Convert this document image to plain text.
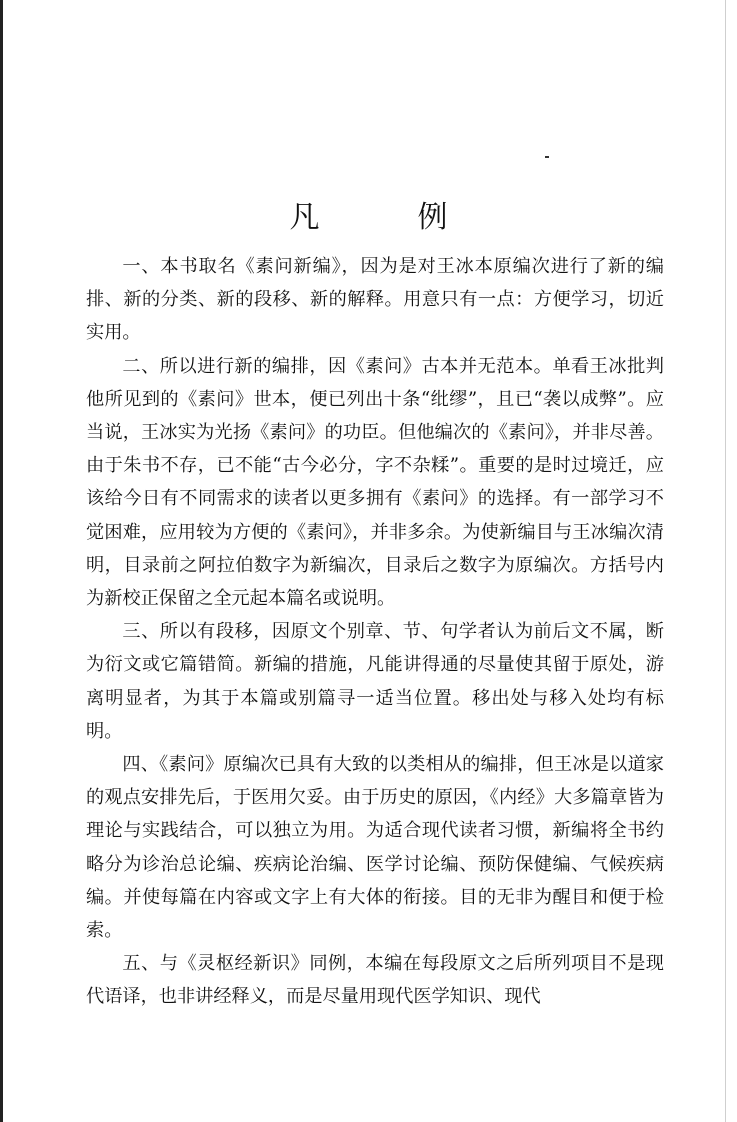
凡　例

一、本书取名《素问新编》，因为是对王冰本原编次进行了新的编排、新的分类、新的段移、新的解释。用意只有一点：方便学习，切近实用。

二、所以进行新的编排，因《素问》古本并无范本。单看王冰批判他所见到的《素问》世本，便已列出十条“纰缪”，且已“袭以成弊”。应当说，王冰实为光扬《素问》的功臣。但他编次的《素问》，并非尽善。由于朱书不存，已不能“古今必分，字不杂糅”。重要的是时过境迁，应该给今日有不同需求的读者以更多拥有《素问》的选择。有一部学习不觉困难，应用较为方便的《素问》，并非多余。为使新编目与王冰编次清明，目录前之阿拉伯数字为新编次，目录后之数字为原编次。方括号内为新校正保留之全元起本篇名或说明。

三、所以有段移，因原文个别章、节、句学者认为前后文不属，断为衍文或它篇错简。新编的措施，凡能讲得通的尽量使其留于原处，游离明显者，为其于本篇或别篇寻一适当位置。移出处与移入处均有标明。

四、《素问》原编次已具有大致的以类相从的编排，但王冰是以道家的观点安排先后，于医用欠妥。由于历史的原因，《内经》大多篇章皆为理论与实践结合，可以独立为用。为适合现代读者习惯，新编将全书约略分为诊治总论编、疾病论治编、医学讨论编、预防保健编、气候疾病编。并使每篇在内容或文字上有大体的衔接。目的无非为醒目和便于检索。

五、与《灵枢经新识》同例，本编在每段原文之后所列项目不是现代语译，也非讲经释义，而是尽量用现代医学知识、现代
